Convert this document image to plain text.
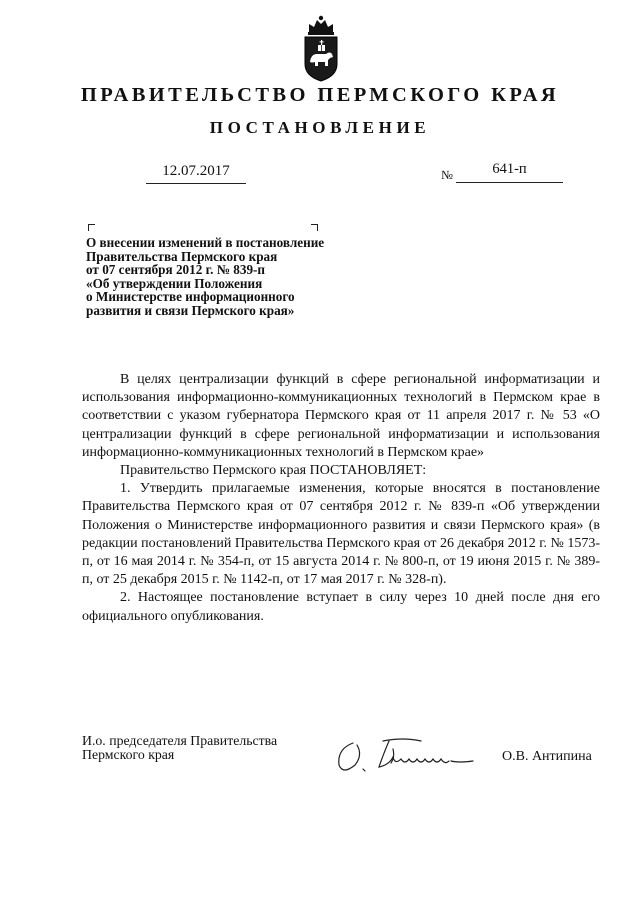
ПРАВИТЕЛЬСТВО ПЕРМСКОГО КРАЯ
ПОСТАНОВЛЕНИЕ
12.07.2017	№	641-п
О внесении изменений в постановление
Правительства Пермского края
от 07 сентября 2012 г. № 839-п
«Об утверждении Положения
о Министерстве информационного
развития и связи Пермского края»

В целях централизации функций в сфере региональной информатизации и использования информационно-коммуникационных технологий в Пермском крае в соответствии с указом губернатора Пермского края от 11 апреля 2017 г. № 53 «О централизации функций в сфере региональной информатизации и использования информационно-коммуникационных технологий в Пермском крае»

Правительство Пермского края ПОСТАНОВЛЯЕТ:

1. Утвердить прилагаемые изменения, которые вносятся в постановление Правительства Пермского края от 07 сентября 2012 г. № 839-п «Об утверждении Положения о Министерстве информационного развития и связи Пермского края» (в редакции постановлений Правительства Пермского края от 26 декабря 2012 г. № 1573-п, от 16 мая 2014 г. № 354-п, от 15 августа 2014 г. № 800-п, от 19 июня 2015 г. № 389-п, от 25 декабря 2015 г. № 1142-п, от 17 мая 2017 г. № 328-п).

2. Настоящее постановление вступает в силу через 10 дней после дня его официального опубликования.

И.о. председателя Правительства
Пермского края	О.В. Антипина
